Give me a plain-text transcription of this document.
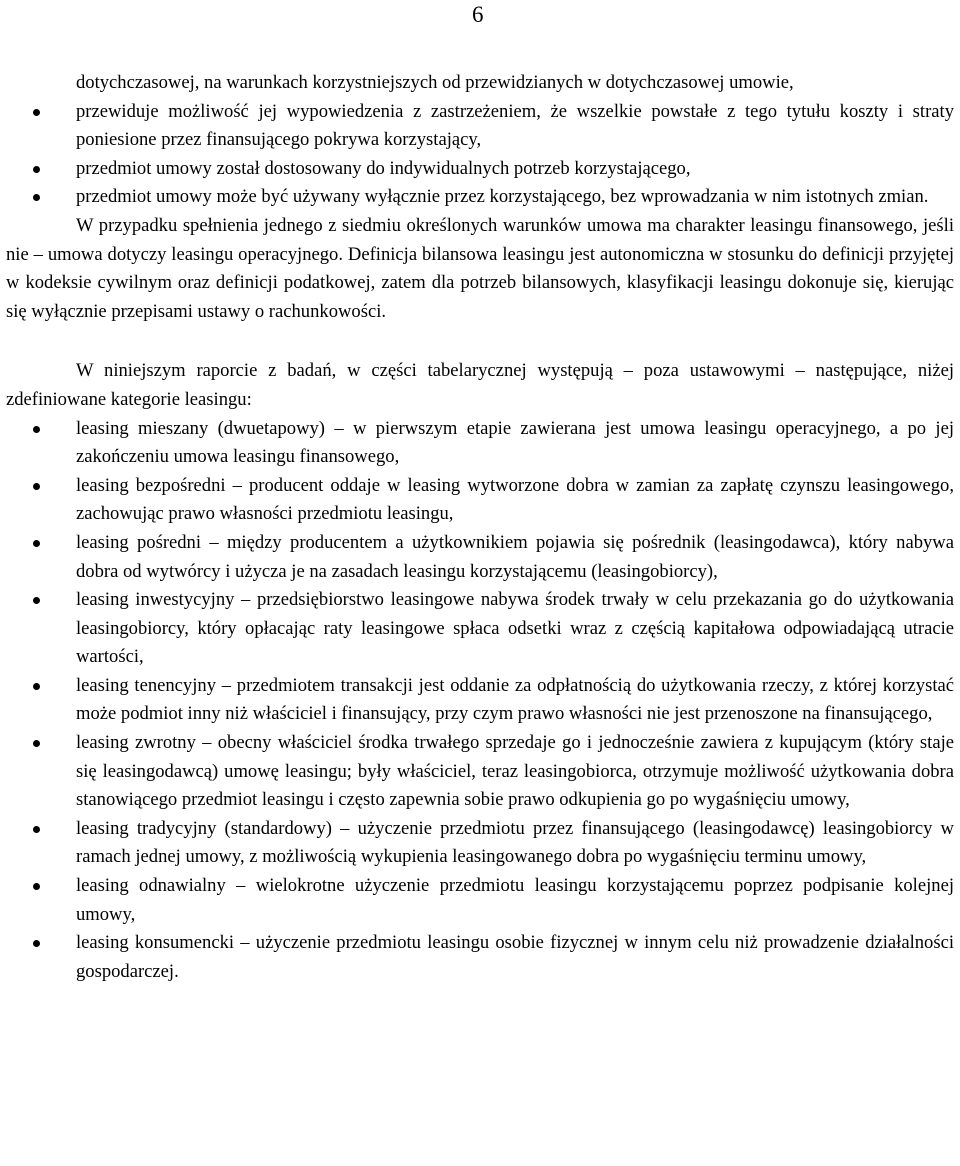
6

dotychczasowej, na warunkach korzystniejszych od przewidzianych w dotychczasowej umowie,

przewiduje możliwość jej wypowiedzenia z zastrzeżeniem, że wszelkie powstałe z tego tytułu koszty i straty poniesione przez finansującego pokrywa korzystający,
przedmiot umowy został dostosowany do indywidualnych potrzeb korzystającego,
przedmiot umowy może być używany wyłącznie przez korzystającego, bez wprowadzania w nim istotnych zmian.

W przypadku spełnienia jednego z siedmiu określonych warunków umowa ma charakter leasingu finansowego, jeśli nie – umowa dotyczy leasingu operacyjnego. Definicja bilansowa leasingu jest autonomiczna w stosunku do definicji przyjętej w kodeksie cywilnym oraz definicji podatkowej, zatem dla potrzeb bilansowych, klasyfikacji leasingu dokonuje się, kierując się wyłącznie przepisami ustawy o rachunkowości.

W niniejszym raporcie z badań, w części tabelarycznej występują – poza ustawowymi – następujące, niżej zdefiniowane kategorie leasingu:

leasing mieszany (dwuetapowy) – w pierwszym etapie zawierana jest umowa leasingu operacyjnego, a po jej zakończeniu umowa leasingu finansowego,
leasing bezpośredni – producent oddaje w leasing wytworzone dobra w zamian za zapłatę czynszu leasingowego, zachowując prawo własności przedmiotu leasingu,
leasing pośredni – między producentem a użytkownikiem pojawia się pośrednik (leasingodawca), który nabywa dobra od wytwórcy i użycza je na zasadach leasingu korzystającemu (leasingobiorcy),
leasing inwestycyjny – przedsiębiorstwo leasingowe nabywa środek trwały w celu przekazania go do użytkowania leasingobiorcy, który opłacając raty leasingowe spłaca odsetki wraz z częścią kapitałowa odpowiadającą utracie wartości,
leasing tenencyjny – przedmiotem transakcji jest oddanie za odpłatnością do użytkowania rzeczy, z której korzystać może podmiot inny niż właściciel i finansujący, przy czym prawo własności nie jest przenoszone na finansującego,
leasing zwrotny – obecny właściciel środka trwałego sprzedaje go i jednocześnie zawiera z kupującym (który staje się leasingodawcą) umowę leasingu; były właściciel, teraz leasingobiorca, otrzymuje możliwość użytkowania dobra stanowiącego przedmiot leasingu i często zapewnia sobie prawo odkupienia go po wygaśnięciu umowy,
leasing tradycyjny (standardowy) – użyczenie przedmiotu przez finansującego (leasingodawcę) leasingobiorcy w ramach jednej umowy, z możliwością wykupienia leasingowanego dobra po wygaśnięciu terminu umowy,
leasing odnawialny – wielokrotne użyczenie przedmiotu leasingu korzystającemu poprzez podpisanie kolejnej umowy,
leasing konsumencki – użyczenie przedmiotu leasingu osobie fizycznej w innym celu niż prowadzenie działalności gospodarczej.
